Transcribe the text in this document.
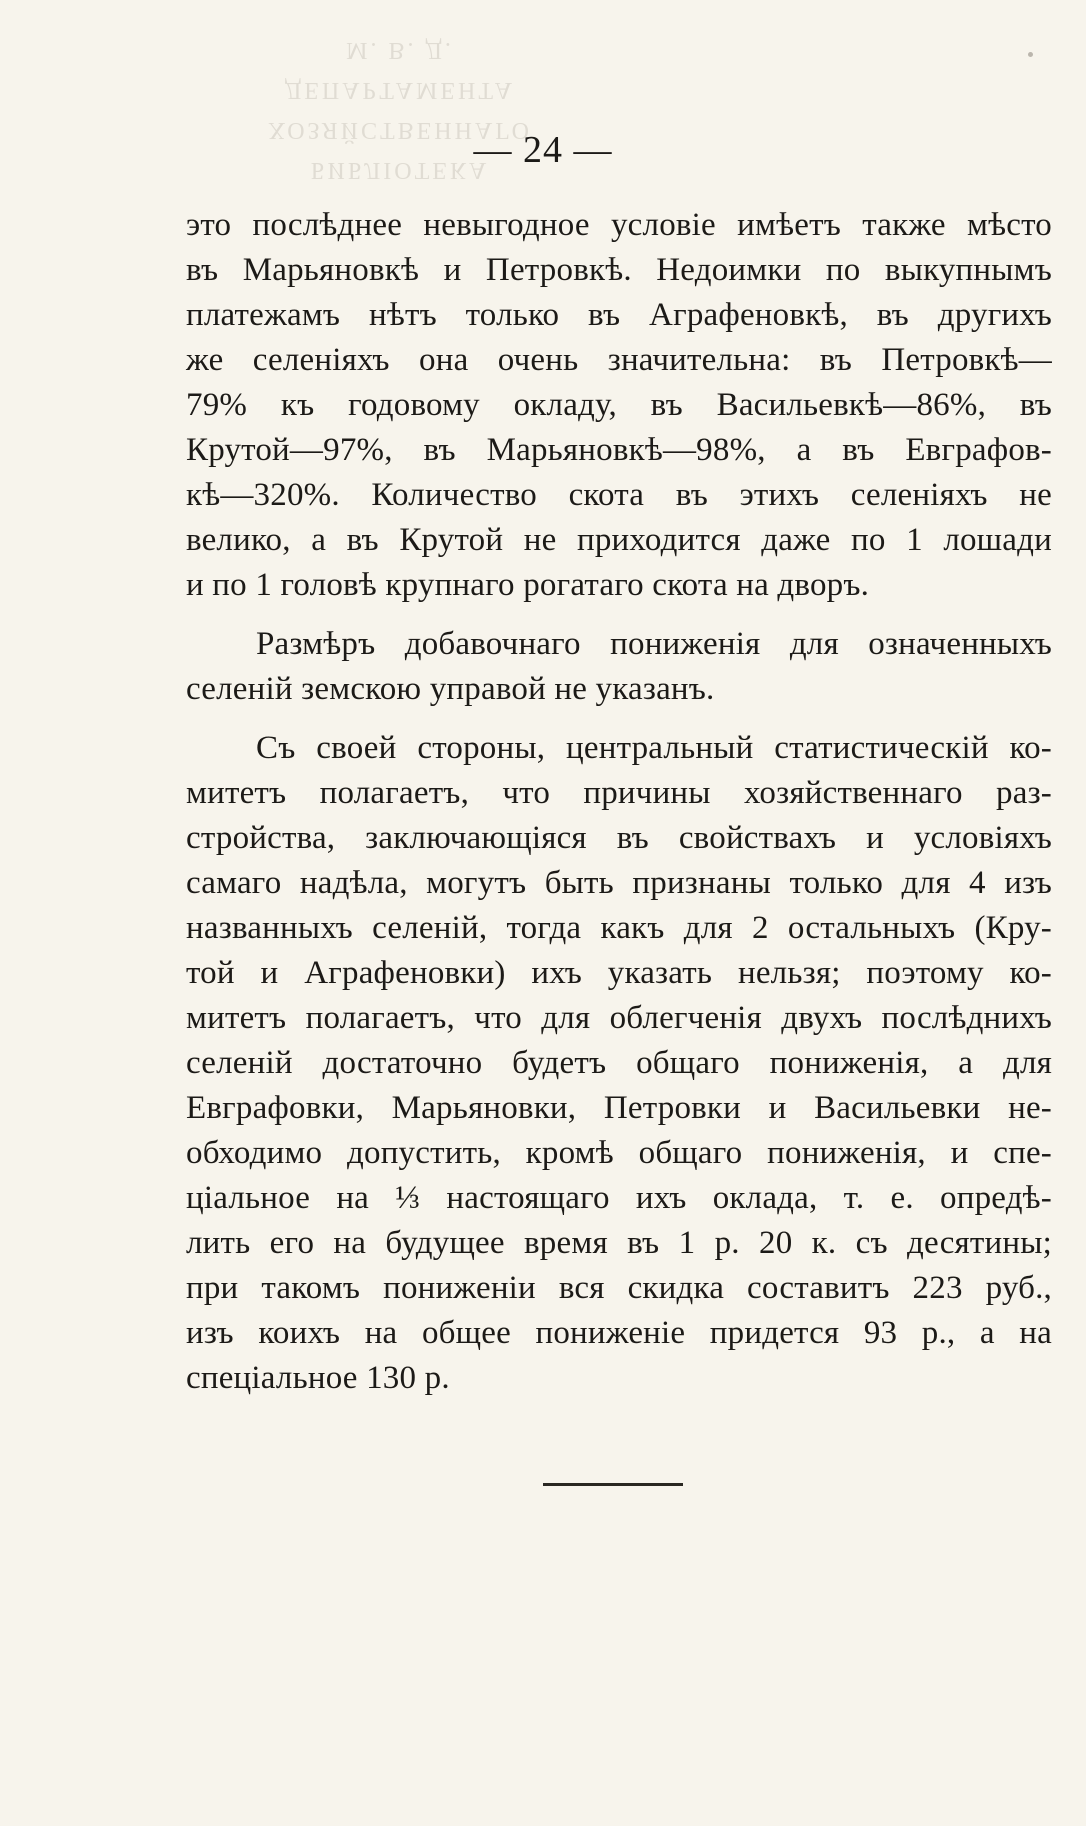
БИБЛІОТЕКА
ХОЗЯЙСТВЕННАГО ДЕПАРТАМЕНТА
М. В. Д.
— 24 —
это послѣднее невыгодное условіе имѣетъ также мѣсто
въ Марьяновкѣ и Петровкѣ. Недоимки по выкупнымъ
платежамъ нѣтъ только въ Аграфеновкѣ, въ другихъ
же селеніяхъ она очень значительна: въ Петровкѣ—
79% къ годовому окладу, въ Васильевкѣ—86%, въ
Крутой—97%, въ Марьяновкѣ—98%, а въ Евграфов-
кѣ—320%. Количество скота въ этихъ селеніяхъ не
велико, а въ Крутой не приходится даже по 1 лошади
и по 1 головѣ крупнаго рогатаго скота на дворъ.
Размѣръ добавочнаго пониженія для означенныхъ
селеній земскою управой не указанъ.
Съ своей стороны, центральный статистическій ко-
митетъ полагаетъ, что причины хозяйственнаго раз-
стройства, заключающіяся въ свойствахъ и условіяхъ
самаго надѣла, могутъ быть признаны только для 4 изъ
названныхъ селеній, тогда какъ для 2 остальныхъ (Кру-
той и Аграфеновки) ихъ указать нельзя; поэтому ко-
митетъ полагаетъ, что для облегченія двухъ послѣднихъ
селеній достаточно будетъ общаго пониженія, а для
Евграфовки, Марьяновки, Петровки и Васильевки не-
обходимо допустить, кромѣ общаго пониженія, и спе-
ціальное на ⅓ настоящаго ихъ оклада, т. е. опредѣ-
лить его на будущее время въ 1 р. 20 к. съ десятины;
при такомъ пониженіи вся скидка составитъ 223 руб.,
изъ коихъ на общее пониженіе придется 93 р., а на
спеціальное 130 р.
